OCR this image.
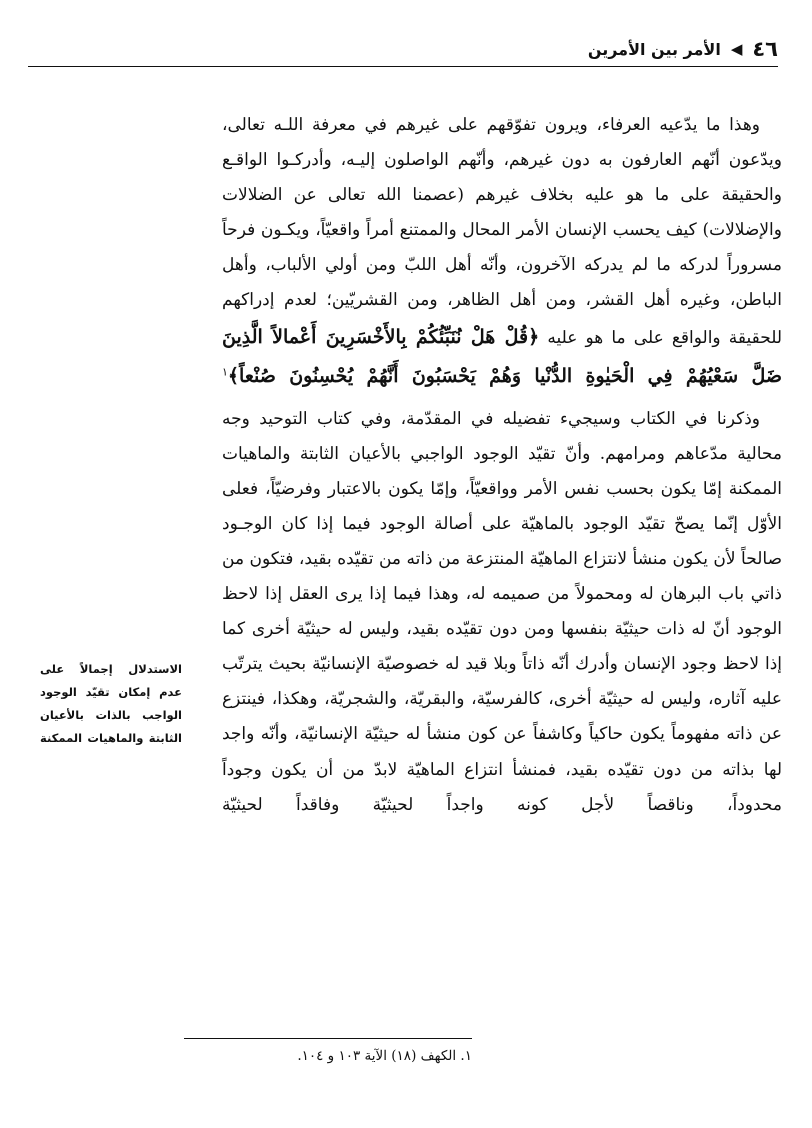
٤٦
◀
الأمر بين الأمرين

وهذا ما يدّعيه العرفاء، ويرون تفوّقهم على غيرهم في معرفة اللـه تعالى، ويدّعون أنّهم العارفون به دون غيرهم، وأنّهم الواصلون إليـه، وأدركـوا الواقـع والحقيقة على ما هو عليه بخلاف غيرهم (عصمنا الله تعالى عن الضلالات والإضلالات) كيف يحسب الإنسان الأمر المحال والممتنع أمراً واقعيّاً، ويكـون فرحاً مسروراً لدركه ما لم يدركه الآخرون، وأنّه أهل اللبّ ومن أولي الألباب، وأهل الباطن، وغيره أهل القشر، ومن أهل الظاهر، ومن القشريّين؛ لعدم إدراكهم للحقيقة والواقع على ما هو عليه ﴿قُلْ هَلْ نُنَبِّئُكُمْ بِالأَخْسَرِينَ أَعْمالاً الَّذِينَ ضَلَّ سَعْيُهُمْ فِي الْحَيٰوةِ الدُّنْيا وَهُمْ يَحْسَبُونَ أَنَّهُمْ يُحْسِنُونَ صُنْعاً﴾$^١$

وذكرنا في الكتاب وسيجيء تفضيله في المقدّمة، وفي كتاب التوحيد وجه محالية مدّعاهم ومرامهم. وأنّ تقيّد الوجود الواجبي بالأعيان الثابتة والماهيات الممكنة إمّا يكون بحسب نفس الأمر وواقعيّاً، وإمّا يكون بالاعتبار وفرضيّاً، فعلى الأوّل إنّما يصحّ تقيّد الوجود بالماهيّة على أصالة الوجود فيما إذا كان الوجـود صالحاً لأن يكون منشأ لانتزاع الماهيّة المنتزعة من ذاته من تقيّده بقيد، فتكون من ذاتي باب البرهان له ومحمولاً من صميمه له، وهذا فيما إذا يرى العقل إذا لاحظ الوجود أنّ له ذات حيثيّة بنفسها ومن دون تقيّده بقيد، وليس له حيثيّة أخرى كما إذا لاحظ وجود الإنسان وأدرك أنّه ذاتاً وبلا قيد له خصوصيّة الإنسانيّة بحيث يترتّب عليه آثاره، وليس له حيثيّة أخرى، كالفرسيّة، والبقريّة، والشجريّة، وهكذا، فينتزع عن ذاته مفهوماً يكون حاكياً وكاشفاً عن كون منشأ له حيثيّة الإنسانيّة، وأنّه واجد لها بذاته من دون تقيّده بقيد، فمنشأ انتزاع الماهيّة لابدّ من أن يكون وجوداً محدوداً، وناقصاً لأجل كونه واجداً لحيثيّة وفاقداً لحيثيّة

الاستدلال إجمالاً على عدم إمكان تقيّد الوجود الواجب بالذات بالأعيان الثابتة والماهيات الممكنة
١. الكهف (١٨) الآية ١٠٣ و ١٠٤.
